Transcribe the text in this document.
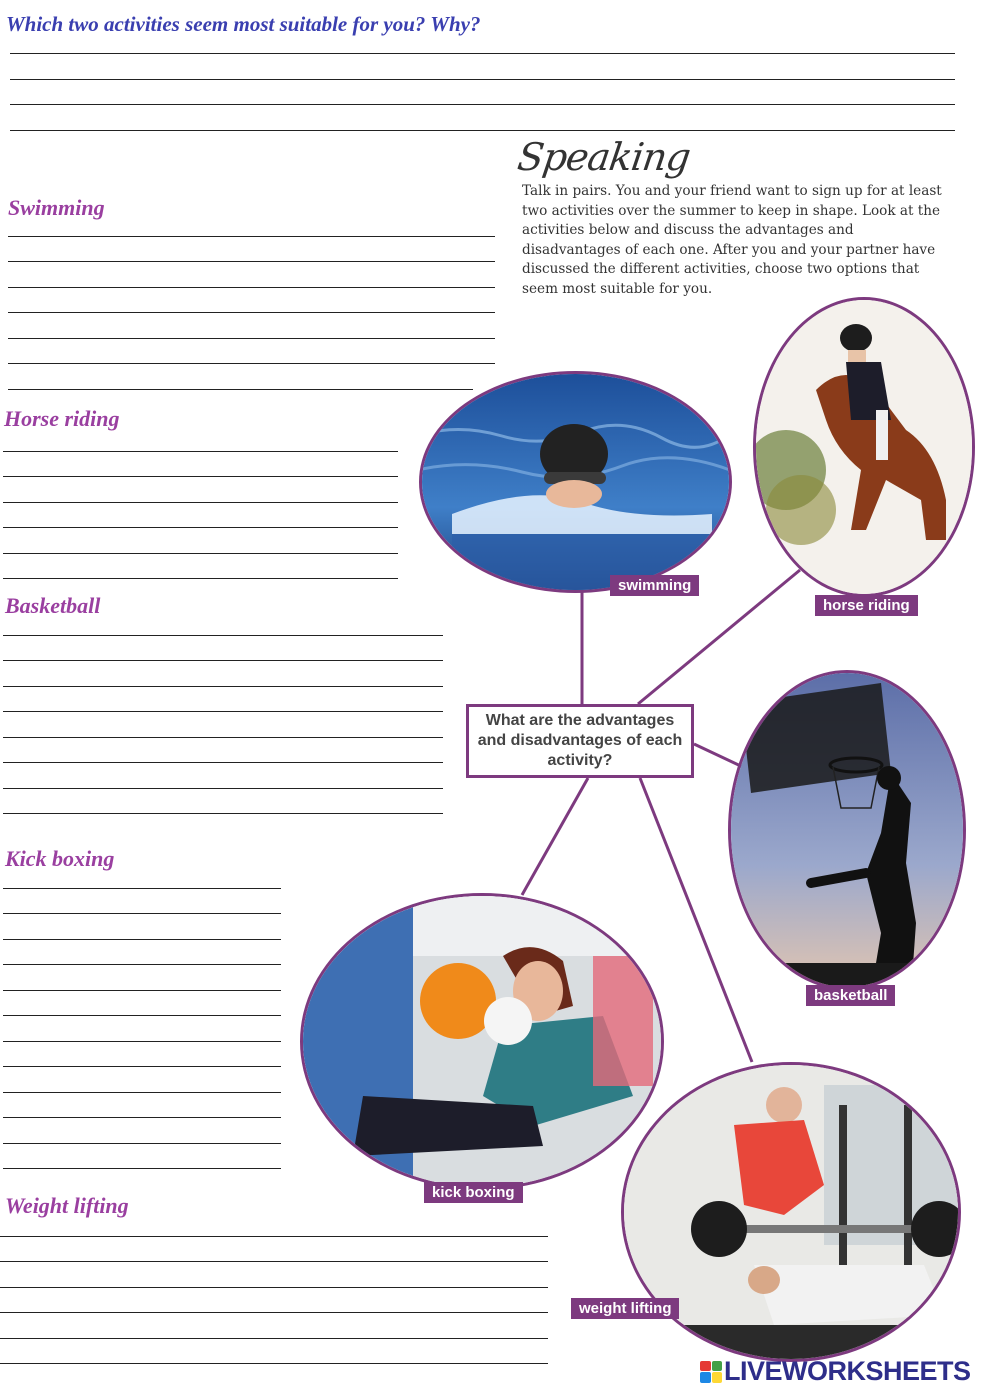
Which two activities seem most suitable for you? Why?
Speaking
Talk in pairs. You and your friend want to sign up for at least two activities over the summer to keep in shape. Look at the activities below and discuss the advantages and disadvantages of each one. After you and your partner have discussed the different activities, choose two options that seem most suitable for you.
Swimming
Horse riding
Basketball
Kick boxing
Weight lifting
swimming
horse riding
basketball
kick boxing
weight lifting
What are the advantages and disadvantages of each activity?
LIVEWORKSHEETS
